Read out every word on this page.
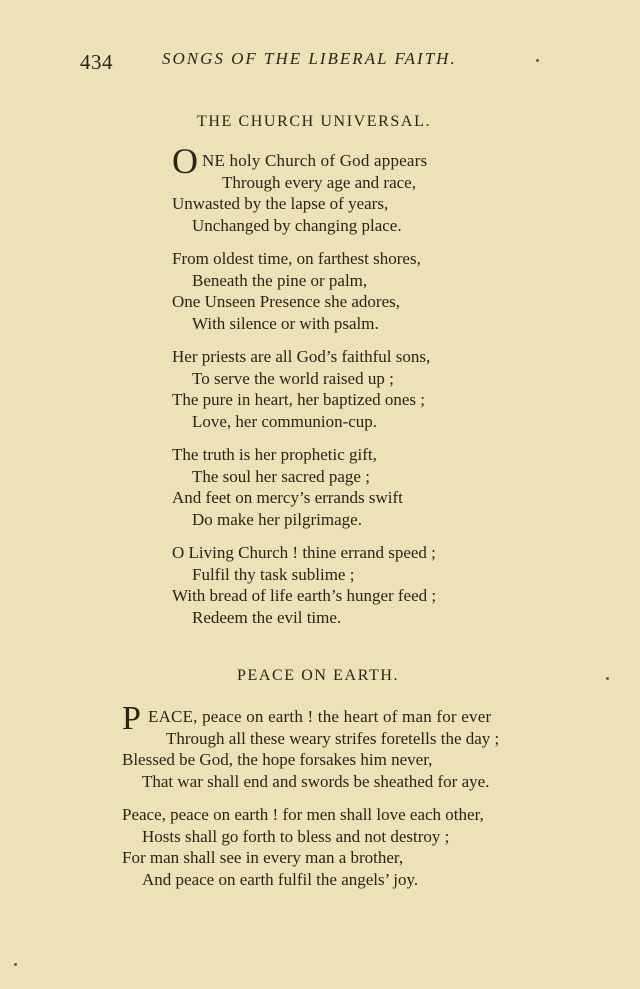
434	SONGS OF THE LIBERAL FAITH.
THE CHURCH UNIVERSAL.
O NE holy Church of God appears
Through every age and race,
Unwasted by the lapse of years,
Unchanged by changing place.
From oldest time, on farthest shores,
Beneath the pine or palm,
One Unseen Presence she adores,
With silence or with psalm.
Her priests are all God’s faithful sons,
To serve the world raised up ;
The pure in heart, her baptized ones ;
Love, her communion-cup.
The truth is her prophetic gift,
The soul her sacred page ;
And feet on mercy’s errands swift
Do make her pilgrimage.
O Living Church ! thine errand speed ;
Fulfil thy task sublime ;
With bread of life earth’s hunger feed ;
Redeem the evil time.
PEACE ON EARTH.
P EACE, peace on earth ! the heart of man for ever
Through all these weary strifes foretells the day ;
Blessed be God, the hope forsakes him never,
That war shall end and swords be sheathed for aye.
Peace, peace on earth ! for men shall love each other,
Hosts shall go forth to bless and not destroy ;
For man shall see in every man a brother,
And peace on earth fulfil the angels’ joy.
